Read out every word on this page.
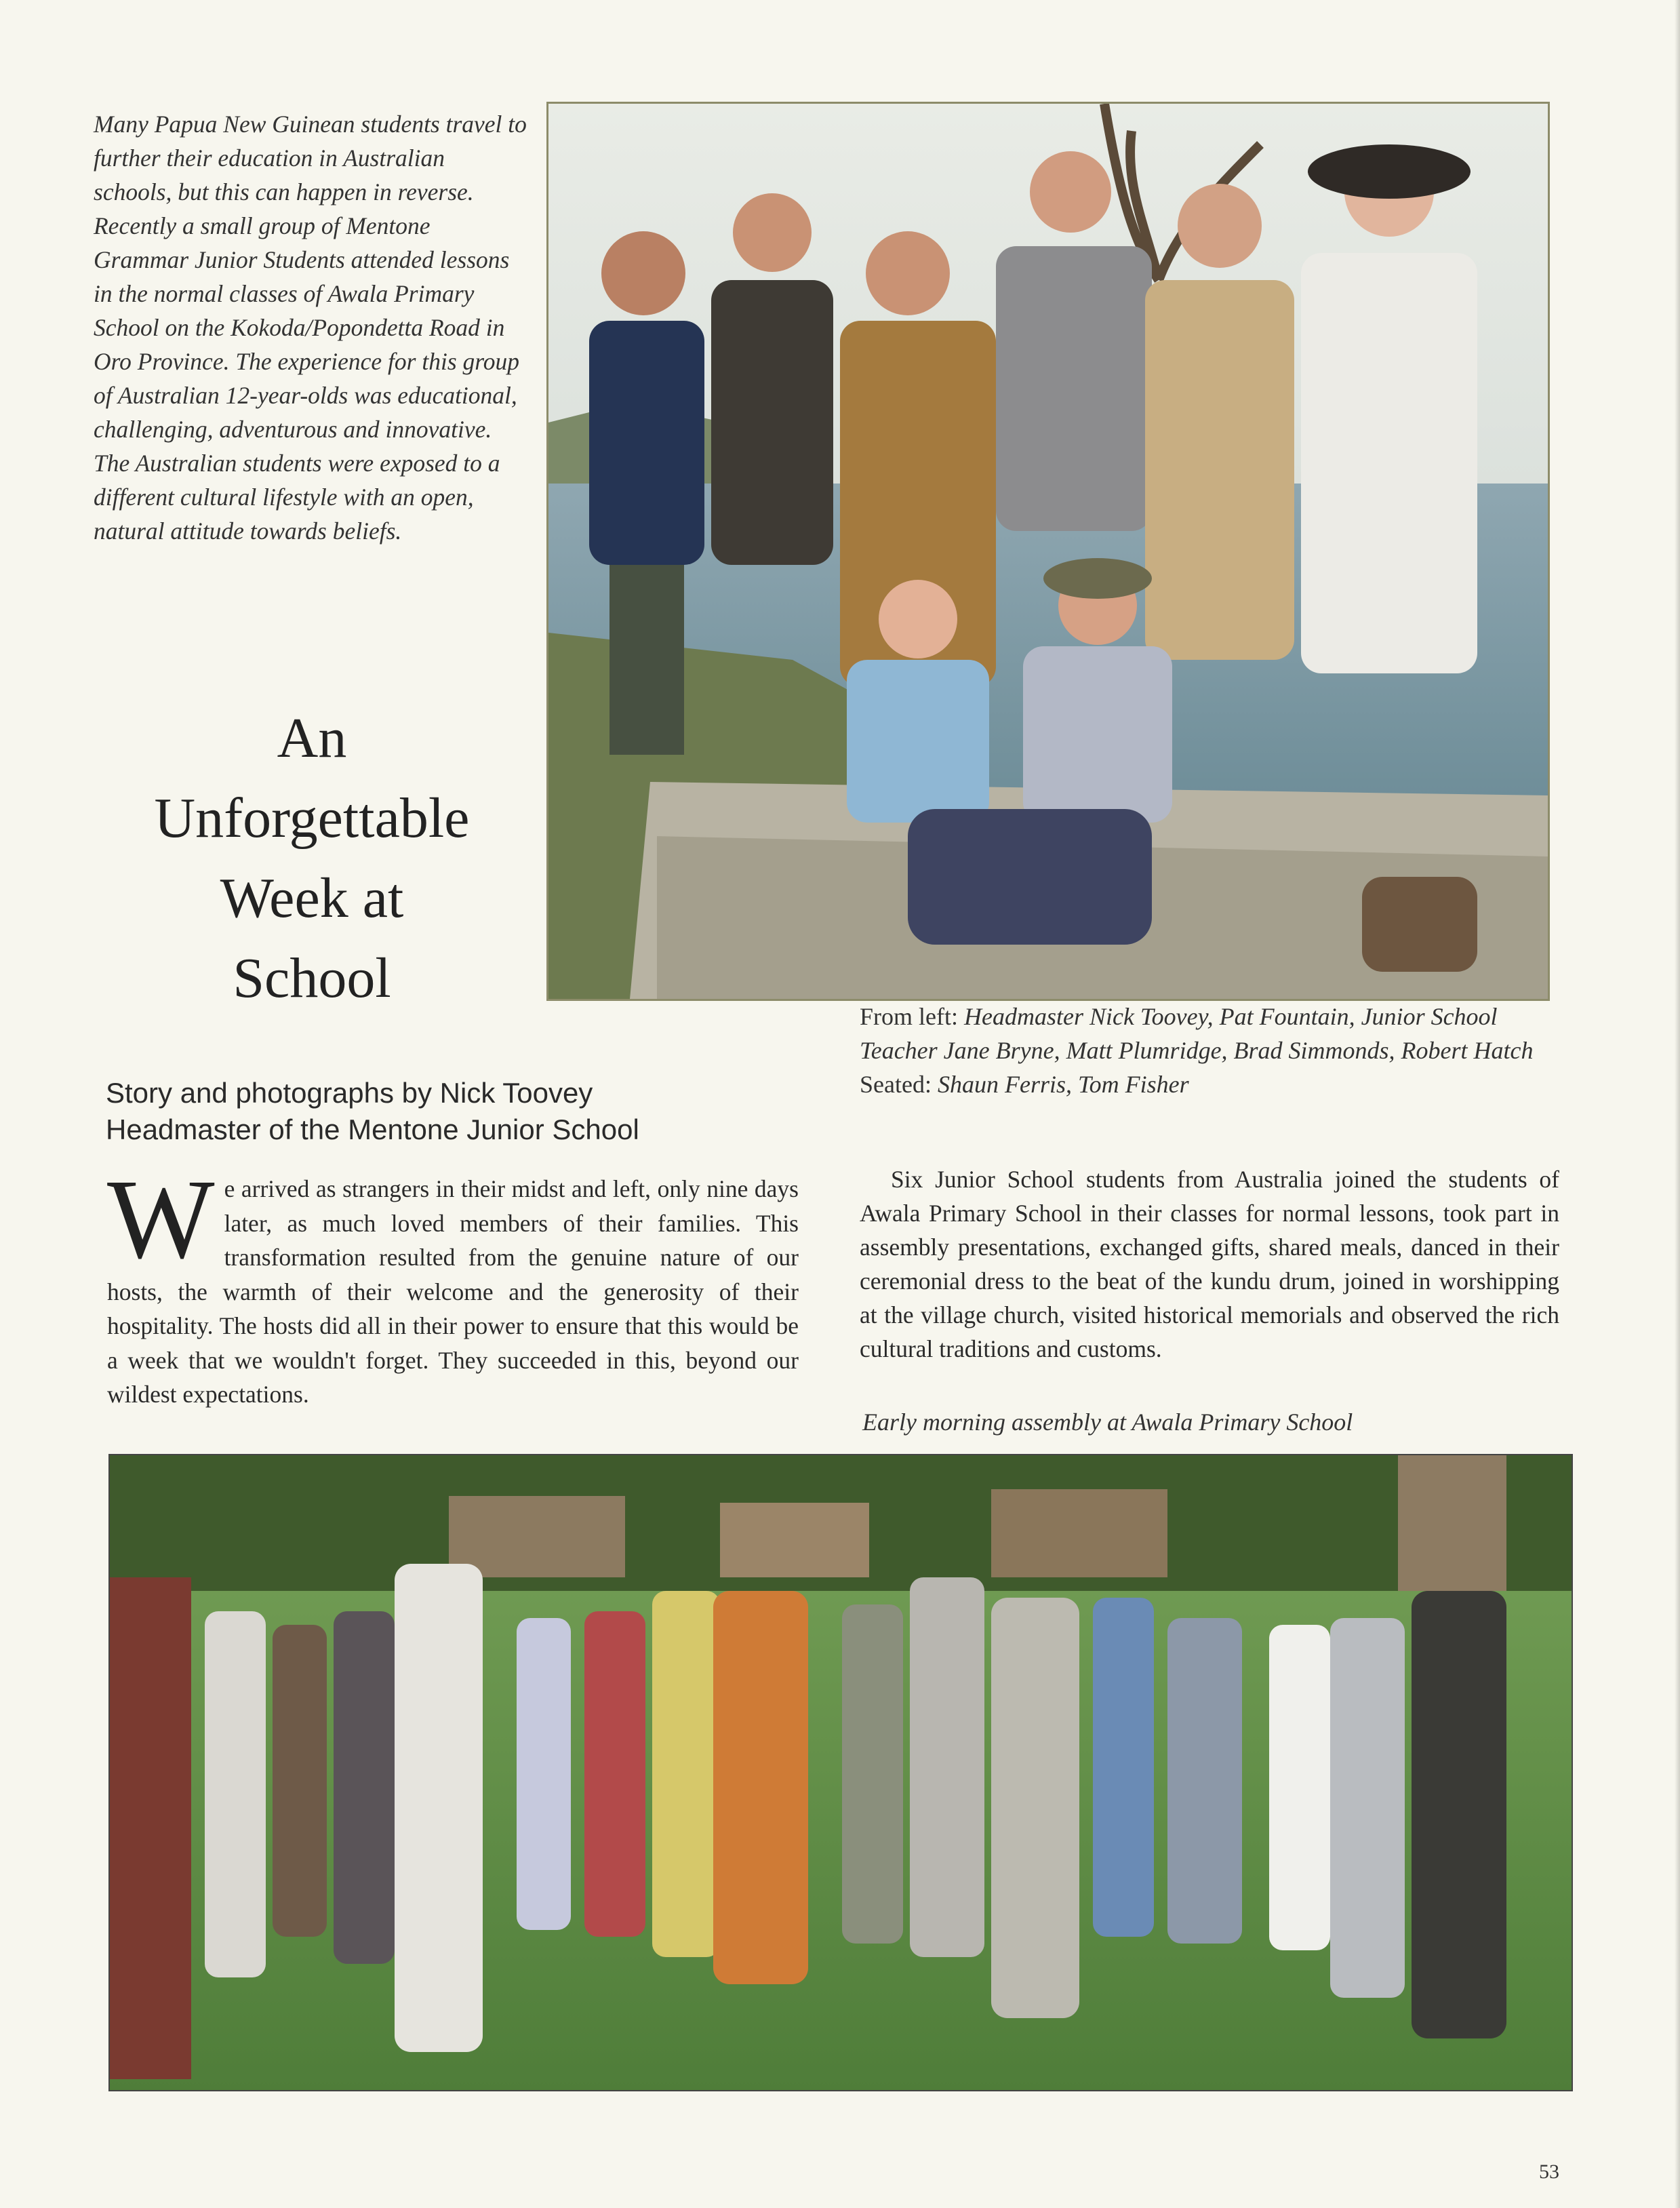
Many Papua New Guinean students travel to further their education in Australian schools, but this can happen in reverse. Recently a small group of Mentone Grammar Junior Students attended lessons in the normal classes of Awala Primary School on the Kokoda/Popondetta Road in Oro Province. The experience for this group of Australian 12-year-olds was educational, challenging, adventurous and innovative. The Australian students were exposed to a different cultural lifestyle with an open, natural attitude towards beliefs.

An
Unforgettable
Week at
School
Story and photographs by Nick Toovey
Headmaster of the Mentone Junior School
W e arrived as strangers in their midst and left, only nine days later, as much loved members of their families. This transformation resulted from the genuine nature of our hosts, the warmth of their welcome and the generosity of their hospitality. The hosts did all in their power to ensure that this would be a week that we wouldn't forget. They succeeded in this, beyond our wildest expectations.
From left: Headmaster Nick Toovey, Pat Fountain, Junior School Teacher Jane Bryne, Matt Plumridge, Brad Simmonds, Robert Hatch
Seated: Shaun Ferris, Tom Fisher

Six Junior School students from Australia joined the students of Awala Primary School in their classes for normal lessons, took part in assembly presentations, exchanged gifts, shared meals, danced in their ceremonial dress to the beat of the kundu drum, joined in worshipping at the village church, visited historical memorials and observed the rich cultural traditions and customs.

Early morning assembly at Awala Primary School
53
